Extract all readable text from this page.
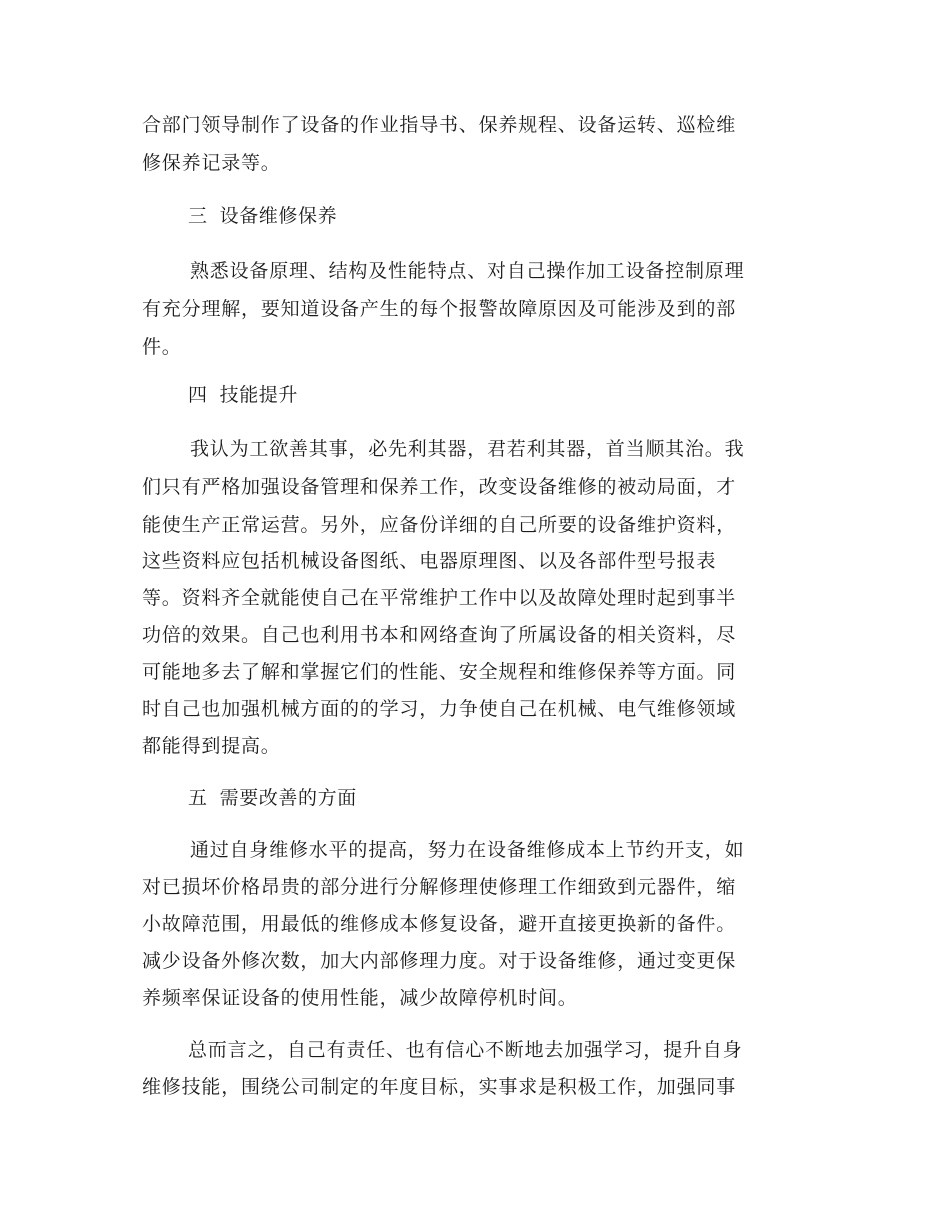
合部门领导制作了设备的作业指导书、保养规程、设备运转、巡检维
修保养记录等。
三 设备维修保养
熟悉设备原理、结构及性能特点、对自己操作加工设备控制原理
有充分理解，要知道设备产生的每个报警故障原因及可能涉及到的部
件。
四 技能提升
我认为工欲善其事，必先利其器，君若利其器，首当顺其治。我
们只有严格加强设备管理和保养工作，改变设备维修的被动局面，才
能使生产正常运营。另外，应备份详细的自己所要的设备维护资料，
这些资料应包括机械设备图纸、电器原理图、以及各部件型号报表
等。资料齐全就能使自己在平常维护工作中以及故障处理时起到事半
功倍的效果。自己也利用书本和网络查询了所属设备的相关资料，尽
可能地多去了解和掌握它们的性能、安全规程和维修保养等方面。同
时自己也加强机械方面的的学习，力争使自己在机械、电气维修领域
都能得到提高。
五 需要改善的方面
通过自身维修水平的提高，努力在设备维修成本上节约开支，如
对已损坏价格昂贵的部分进行分解修理使修理工作细致到元器件，缩
小故障范围，用最低的维修成本修复设备，避开直接更换新的备件。
减少设备外修次数，加大内部修理力度。对于设备维修，通过变更保
养频率保证设备的使用性能，减少故障停机时间。
总而言之，自己有责任、也有信心不断地去加强学习，提升自身
维修技能，围绕公司制定的年度目标，实事求是积极工作，加强同事
